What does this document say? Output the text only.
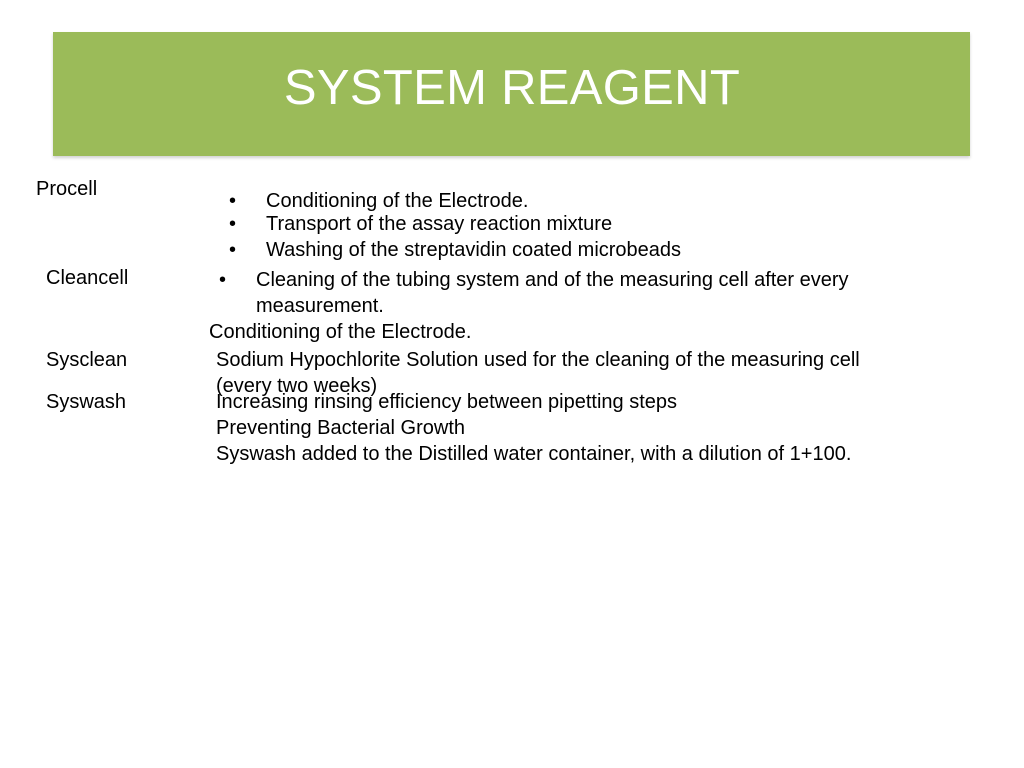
SYSTEM REAGENT
Procell
• Conditioning of the Electrode.
• Transport of the assay reaction mixture
• Washing of the streptavidin coated microbeads
Cleancell	• Cleaning of the tubing system and of the measuring cell after every measurement.
Conditioning of the Electrode.
Sysclean	Sodium Hypochlorite Solution used for the cleaning of the measuring cell
(every two weeks)
Syswash	Increasing rinsing efficiency between pipetting steps
Preventing Bacterial Growth
Syswash added to the Distilled water container, with a dilution of 1+100.
